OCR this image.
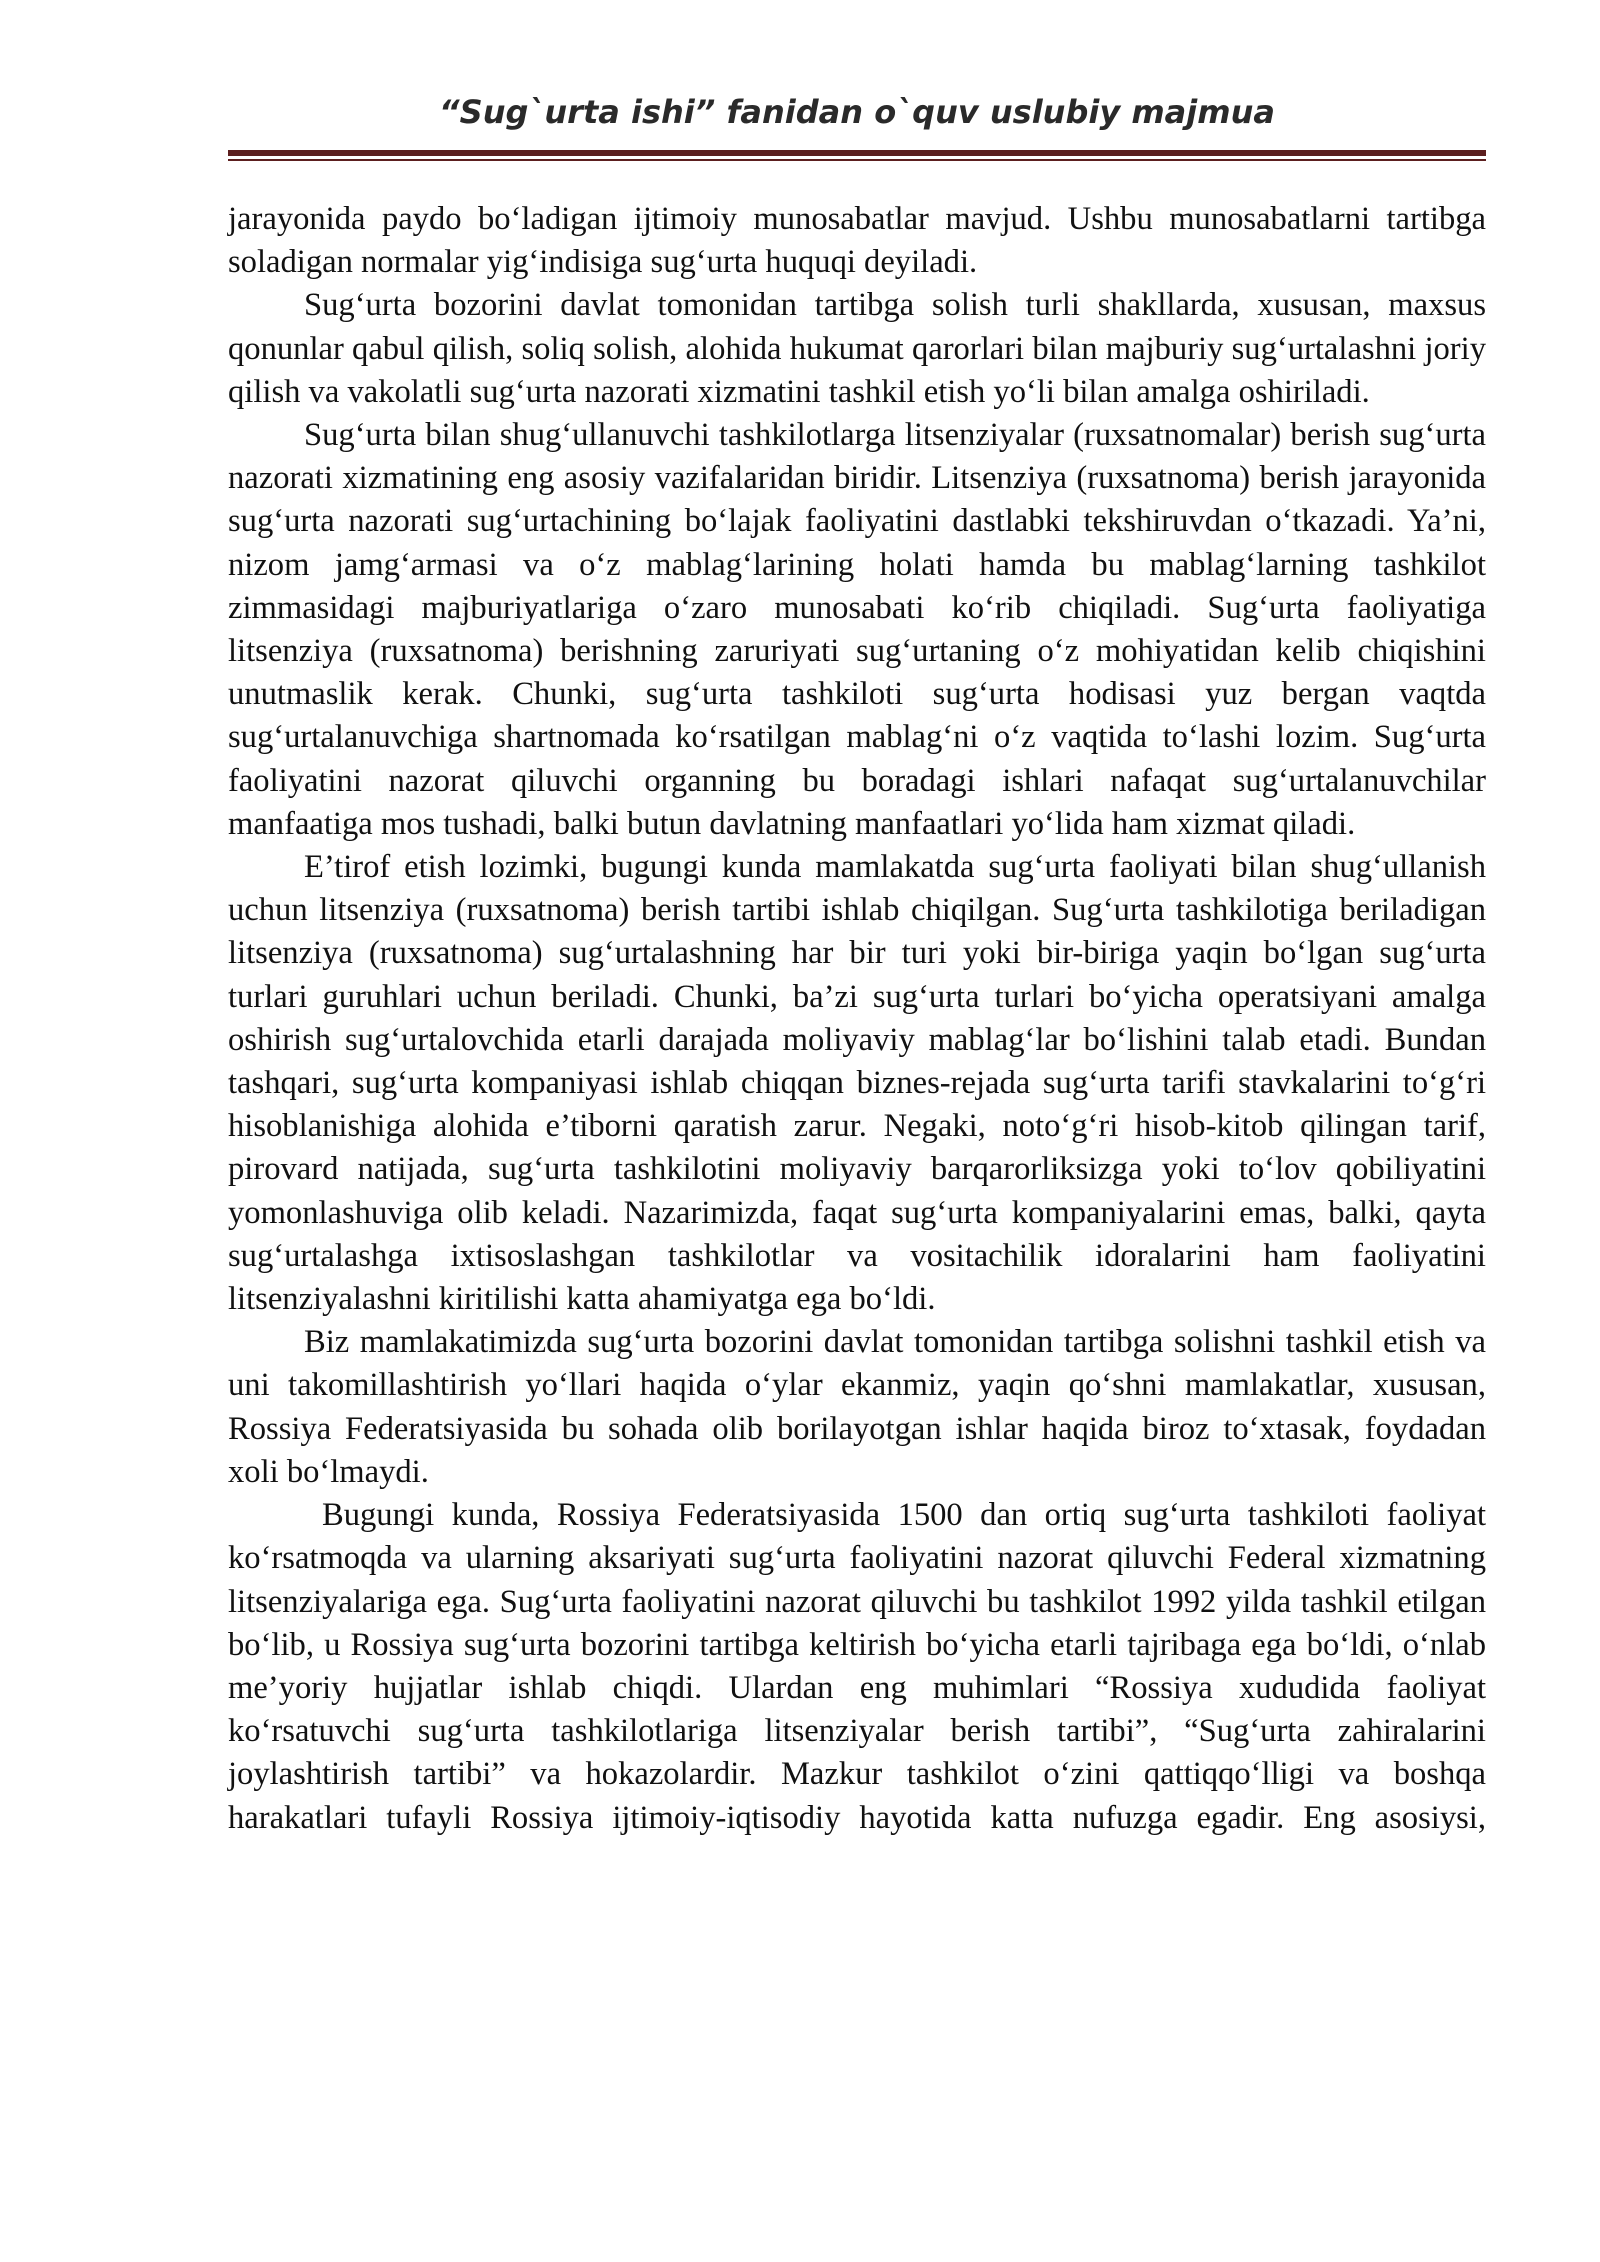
“Sug`urta ishi” fanidan o`quv uslubiy majmua

jarayonida paydo bo‘ladigan ijtimoiy munosabatlar mavjud. Ushbu munosabatlarni tartibga soladigan normalar yig‘indisiga sug‘urta huquqi deyiladi.

Sug‘urta bozorini davlat tomonidan tartibga solish turli shakllarda, xususan, maxsus qonunlar qabul qilish, soliq solish, alohida hukumat qarorlari bilan majburiy sug‘urtalashni joriy qilish va vakolatli sug‘urta nazorati xizmatini tashkil etish yo‘li bilan amalga oshiriladi.

Sug‘urta bilan shug‘ullanuvchi tashkilotlarga litsenziyalar (ruxsatnomalar) berish sug‘urta nazorati xizmatining eng asosiy vazifalaridan biridir. Litsenziya (ruxsatnoma) berish jarayonida sug‘urta nazorati sug‘urtachining bo‘lajak faoliyatini dastlabki tekshiruvdan o‘tkazadi. Ya’ni, nizom jamg‘armasi va o‘z mablag‘larining holati hamda bu mablag‘larning tashkilot zimmasidagi majburiyatlariga o‘zaro munosabati ko‘rib chiqiladi. Sug‘urta faoliyatiga litsenziya (ruxsatnoma) berishning zaruriyati sug‘urtaning o‘z mohiyatidan kelib chiqishini unutmaslik kerak. Chunki, sug‘urta tashkiloti sug‘urta hodisasi yuz bergan vaqtda sug‘urtalanuvchiga shartnomada ko‘rsatilgan mablag‘ni o‘z vaqtida to‘lashi lozim. Sug‘urta faoliyatini nazorat qiluvchi organning bu boradagi ishlari nafaqat sug‘urtalanuvchilar manfaatiga mos tushadi, balki butun davlatning manfaatlari yo‘lida ham xizmat qiladi.

E’tirof etish lozimki, bugungi kunda mamlakatda sug‘urta faoliyati bilan shug‘ullanish uchun litsenziya (ruxsatnoma) berish tartibi ishlab chiqilgan. Sug‘urta tashkilotiga beriladigan litsenziya (ruxsatnoma) sug‘urtalashning har bir turi yoki bir-biriga yaqin bo‘lgan sug‘urta turlari guruhlari uchun beriladi. Chunki, ba’zi sug‘urta turlari bo‘yicha operatsiyani amalga oshirish sug‘urtalovchida etarli darajada moliyaviy mablag‘lar bo‘lishini talab etadi. Bundan tashqari, sug‘urta kompaniyasi ishlab chiqqan biznes-rejada sug‘urta tarifi stavkalarini to‘g‘ri hisoblanishiga alohida e’tiborni qaratish zarur. Negaki, noto‘g‘ri hisob-kitob qilingan tarif, pirovard natijada, sug‘urta tashkilotini moliyaviy barqarorliksizga yoki to‘lov qobiliyatini yomonlashuviga olib keladi. Nazarimizda, faqat sug‘urta kompaniyalarini emas, balki, qayta sug‘urtalashga ixtisoslashgan tashkilotlar va vositachilik idoralarini ham faoliyatini litsenziyalashni kiritilishi katta ahamiyatga ega bo‘ldi.

Biz mamlakatimizda sug‘urta bozorini davlat tomonidan tartibga solishni tashkil etish va uni takomillashtirish yo‘llari haqida o‘ylar ekanmiz, yaqin qo‘shni mamlakatlar, xususan, Rossiya Federatsiyasida bu sohada olib borilayotgan ishlar haqida biroz to‘xtasak, foydadan xoli bo‘lmaydi.

Bugungi kunda, Rossiya Federatsiyasida 1500 dan ortiq sug‘urta tashkiloti faoliyat ko‘rsatmoqda va ularning aksariyati sug‘urta faoliyatini nazorat qiluvchi Federal xizmatning litsenziyalariga ega. Sug‘urta faoliyatini nazorat qiluvchi bu tashkilot 1992 yilda tashkil etilgan bo‘lib, u Rossiya sug‘urta bozorini tartibga keltirish bo‘yicha etarli tajribaga ega bo‘ldi, o‘nlab me’yoriy hujjatlar ishlab chiqdi. Ulardan eng muhimlari “Rossiya xududida faoliyat ko‘rsatuvchi sug‘urta tashkilotlariga litsenziyalar berish tartibi”, “Sug‘urta zahiralarini joylashtirish tartibi” va hokazolardir. Mazkur tashkilot o‘zini qattiqqo‘lligi va boshqa harakatlari tufayli Rossiya ijtimoiy-iqtisodiy hayotida katta nufuzga egadir. Eng asosiysi,
